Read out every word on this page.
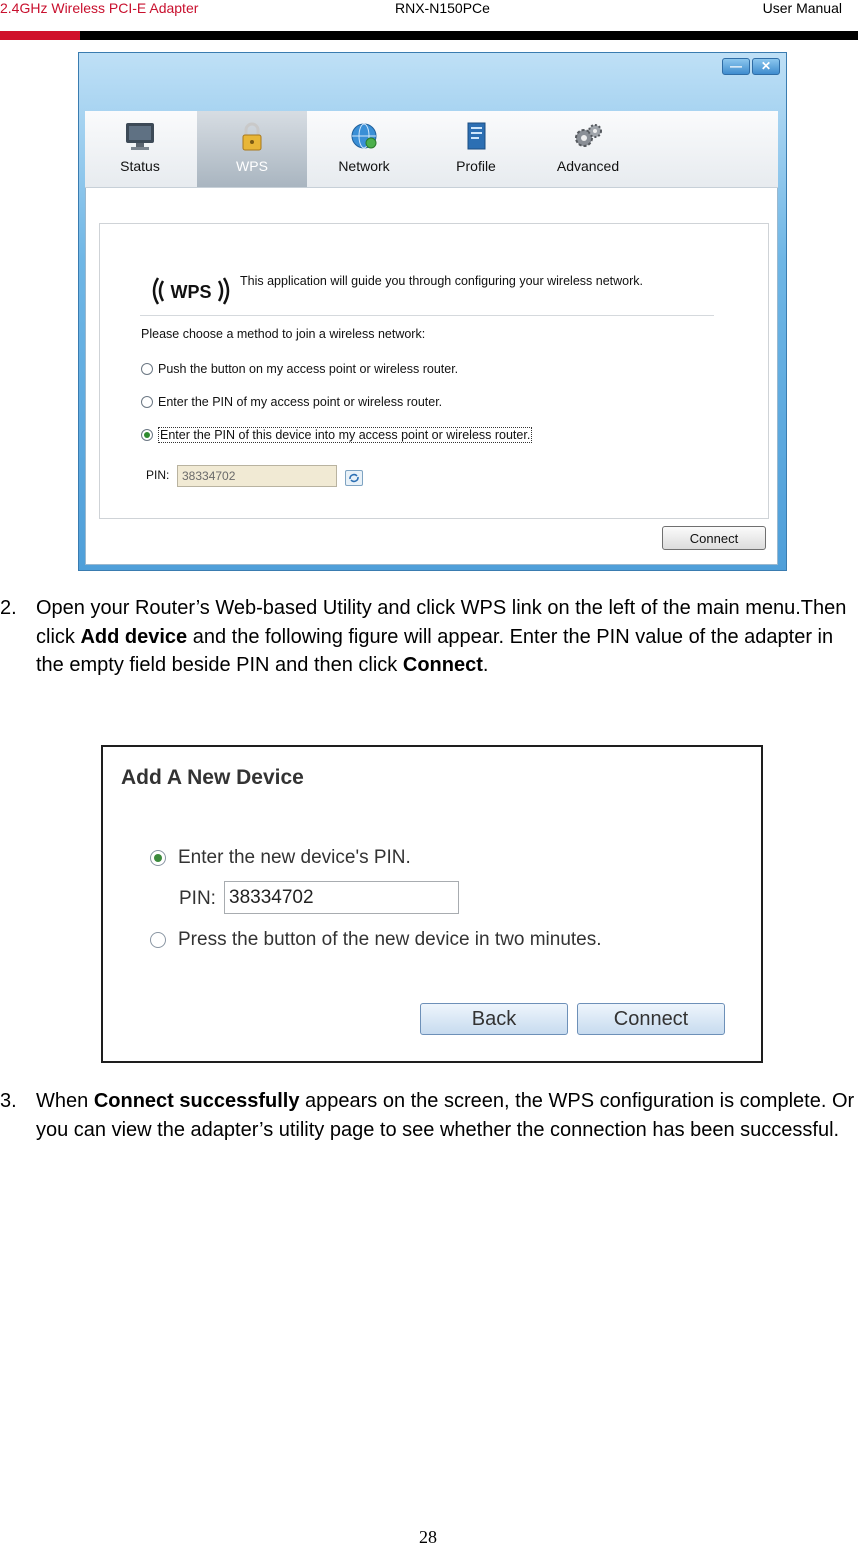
2.4GHz Wireless PCI-E Adapter	RNX-N150PCe	User Manual
—	✕
Status	WPS	Network	Profile	Advanced
WPS
This application will guide you through configuring your wireless network.
Please choose a method to join a wireless network:
Push the button on my access point or wireless router.
Enter the PIN of my access point or wireless router.
Enter the PIN of this device into my access point or wireless router.
PIN:	38334702
Connect
2. Open your Router’s Web-based Utility and click WPS link on the left of the main menu.Then click Add device and the following figure will appear. Enter the PIN value of the adapter in the empty field beside PIN and then click Connect.
Add A New Device
Enter the new device's PIN.
PIN: 38334702
Press the button of the new device in two minutes.
Back	Connect
3. When Connect successfully appears on the screen, the WPS configuration is complete. Or you can view the adapter’s utility page to see whether the connection has been successful.
28
